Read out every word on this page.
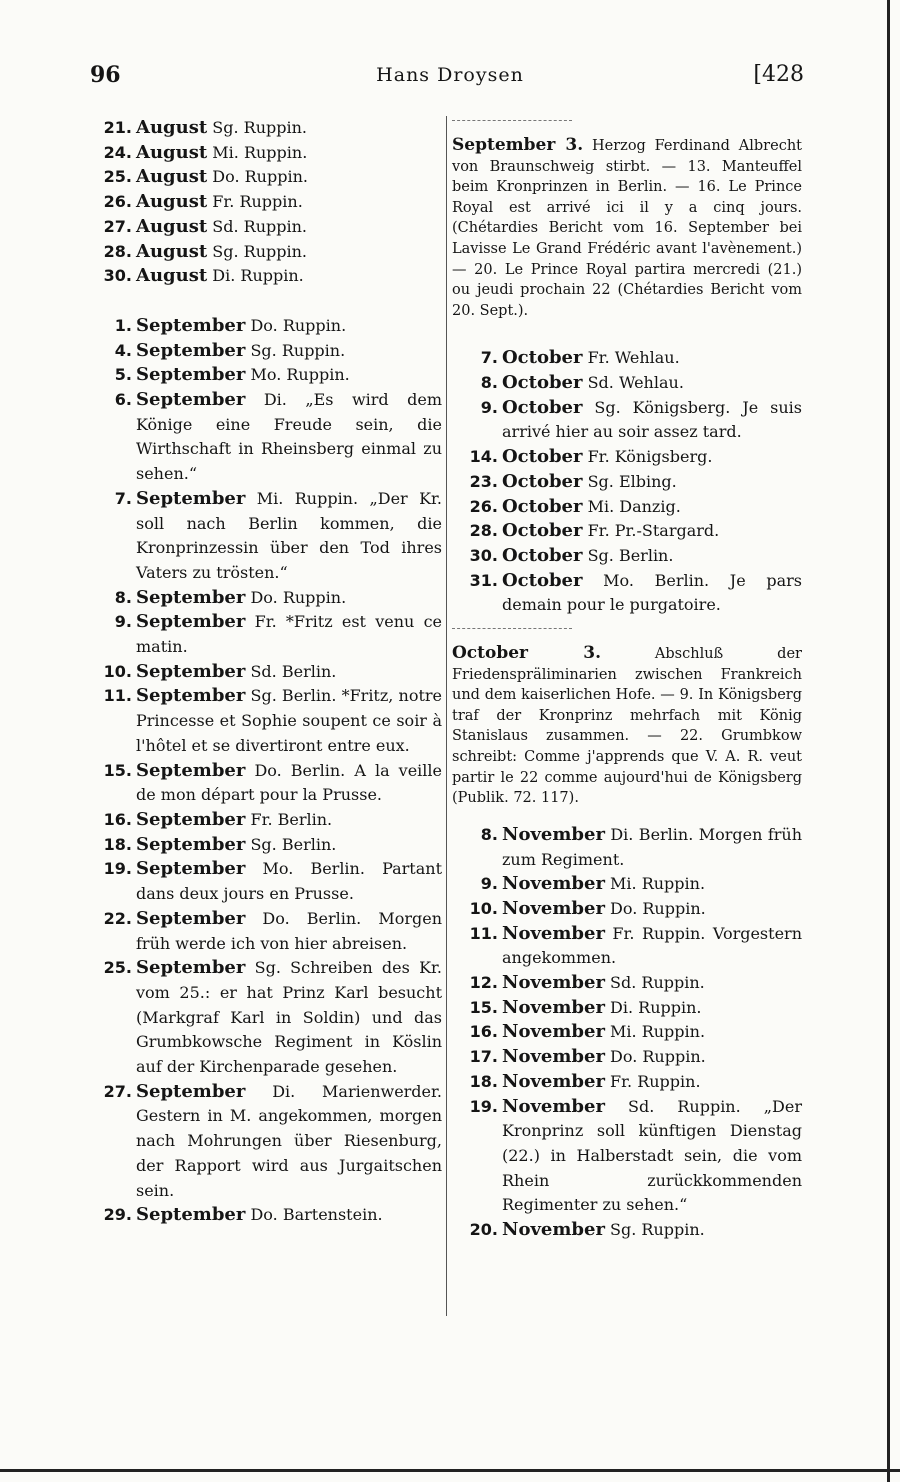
96	Hans Droysen	[428
21. August Sg. Ruppin.
24. August Mi. Ruppin.
25. August Do. Ruppin.
26. August Fr. Ruppin.
27. August Sd. Ruppin.
28. August Sg. Ruppin.
30. August Di. Ruppin.
1. September Do. Ruppin.
4. September Sg. Ruppin.
5. September Mo. Ruppin.
6. September Di. „Es wird dem Könige eine Freude sein, die Wirthschaft in Rheinsberg einmal zu sehen.“
7. September Mi. Ruppin. „Der Kr. soll nach Berlin kommen, die Kronprinzessin über den Tod ihres Vaters zu trösten.“
8. September Do. Ruppin.
9. September Fr. *Fritz est venu ce matin.
10. September Sd. Berlin.
11. September Sg. Berlin. *Fritz, notre Princesse et Sophie soupent ce soir à l'hôtel et se divertiront entre eux.
15. September Do. Berlin. A la veille de mon départ pour la Prusse.
16. September Fr. Berlin.
18. September Sg. Berlin.
19. September Mo. Berlin. Partant dans deux jours en Prusse.
22. September Do. Berlin. Morgen früh werde ich von hier abreisen.
25. September Sg. Schreiben des Kr. vom 25.: er hat Prinz Karl besucht (Markgraf Karl in Soldin) und das Grumbkowsche Regiment in Köslin auf der Kirchenparade gesehen.
27. September Di. Marienwerder. Gestern in M. angekommen, morgen nach Mohrungen über Riesenburg, der Rapport wird aus Jurgaitschen sein.
29. September Do. Bartenstein.
September 3. Herzog Ferdinand Albrecht von Braunschweig stirbt. — 13. Manteuffel beim Kronprinzen in Berlin. — 16. Le Prince Royal est arrivé ici il y a cinq jours. (Chétardies Bericht vom 16. September bei Lavisse Le Grand Frédéric avant l'avènement.) — 20. Le Prince Royal partira mercredi (21.) ou jeudi prochain 22 (Chétardies Bericht vom 20. Sept.).
7. October Fr. Wehlau.
8. October Sd. Wehlau.
9. October Sg. Königsberg. Je suis arrivé hier au soir assez tard.
14. October Fr. Königsberg.
23. October Sg. Elbing.
26. October Mi. Danzig.
28. October Fr. Pr.-Stargard.
30. October Sg. Berlin.
31. October Mo. Berlin. Je pars demain pour le purgatoire.
October 3. Abschluß der Friedenspräliminarien zwischen Frankreich und dem kaiserlichen Hofe. — 9. In Königsberg traf der Kronprinz mehrfach mit König Stanislaus zusammen. — 22. Grumbkow schreibt: Comme j'apprends que V. A. R. veut partir le 22 comme aujourd'hui de Königsberg (Publik. 72. 117).
8. November Di. Berlin. Morgen früh zum Regiment.
9. November Mi. Ruppin.
10. November Do. Ruppin.
11. November Fr. Ruppin. Vorgestern angekommen.
12. November Sd. Ruppin.
15. November Di. Ruppin.
16. November Mi. Ruppin.
17. November Do. Ruppin.
18. November Fr. Ruppin.
19. November Sd. Ruppin. „Der Kronprinz soll künftigen Dienstag (22.) in Halberstadt sein, die vom Rhein zurückkommenden Regimenter zu sehen.“
20. November Sg. Ruppin.
